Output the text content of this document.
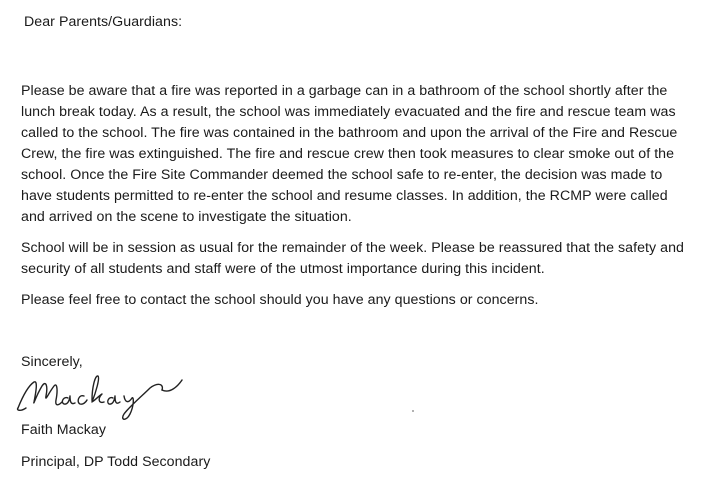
Dear Parents/Guardians:
Please be aware that a fire was reported in a garbage can in a bathroom of the school shortly after the
lunch break today. As a result, the school was immediately evacuated and the fire and rescue team was
called to the school. The fire was contained in the bathroom and upon the arrival of the Fire and Rescue
Crew, the fire was extinguished. The fire and rescue crew then took measures to clear smoke out of the
school. Once the Fire Site Commander deemed the school safe to re-enter, the decision was made to
have students permitted to re-enter the school and resume classes. In addition, the RCMP were called
and arrived on the scene to investigate the situation.
School will be in session as usual for the remainder of the week. Please be reassured that the safety and
security of all students and staff were of the utmost importance during this incident.
Please feel free to contact the school should you have any questions or concerns.
Sincerely,
Faith Mackay
Principal, DP Todd Secondary
